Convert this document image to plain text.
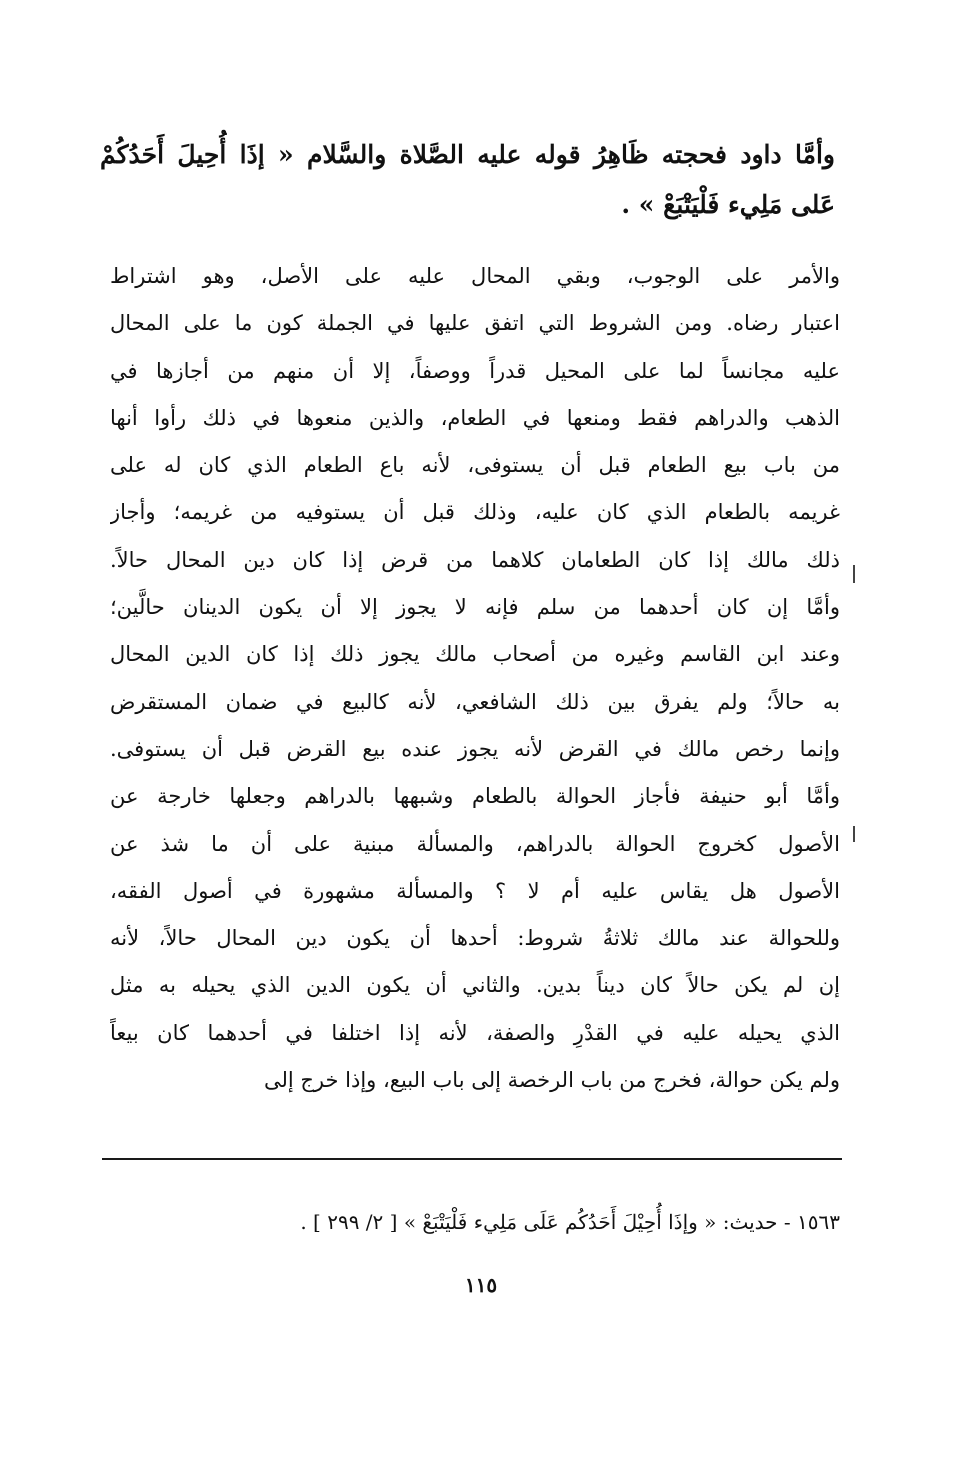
وأمَّا داود فحجته ظَاهِرُ قوله عليه الصَّلاة والسَّلام « إذَا أُحِيلَ أَحَدُكُمْ عَلى مَلِيء فَلْيَتْبَعْ » .
والأمر على الوجوب، وبقي المحال عليه على الأصل، وهو اشتراط
اعتبار رضاه. ومن الشروط التي اتفق عليها في الجملة كون ما على المحال
عليه مجانساً لما على المحيل قدراً ووصفاً، إلا أن منهم من أجازها في
الذهب والدراهم فقط ومنعها في الطعام، والذين منعوها في ذلك رأوا أنها
من باب بيع الطعام قبل أن يستوفى، لأنه باع الطعام الذي كان له على
غريمه بالطعام الذي كان عليه، وذلك قبل أن يستوفيه من غريمه؛ وأجاز
ذلك مالك إذا كان الطعامان كلاهما من قرض إذا كان دين المحال حالاً.
وأمَّا إن كان أحدهما من سلم فإنه لا يجوز إلا أن يكون الدينان حالَّين؛
وعند ابن القاسم وغيره من أصحاب مالك يجوز ذلك إذا كان الدين المحال
به حالاً؛ ولم يفرق بين ذلك الشافعي، لأنه كالبيع في ضمان المستقرض
وإنما رخص مالك في القرض لأنه يجوز عنده بيع القرض قبل أن يستوفى.
وأمَّا أبو حنيفة فأجاز الحوالة بالطعام وشبهها بالدراهم وجعلها خارجة عن
الأصول كخروج الحوالة بالدراهم، والمسألة مبنية على أن ما شذ عن
الأصول هل يقاس عليه أم لا ؟ والمسألة مشهورة في أصول الفقه،
وللحوالة عند مالك ثلاثةُ شروط: أحدها أن يكون دين المحال حالاً، لأنه
إن لم يكن حالاً كان ديناً بدين. والثاني أن يكون الدين الذي يحيله به مثل
الذي يحيله عليه في القدْرِ والصفة، لأنه إذا اختلفا في أحدهما كان بيعاً
ولم يكن حوالة، فخرج من باب الرخصة إلى باب البيع، وإذا خرج إلى
١٥٦٣ - حديث: « وإذَا أُحِيْلَ أَحَدُكُم عَلَى مَلِيء فَلْيَتْبَعْ » [ ٢/ ٢٩٩ ] .
١١٥
